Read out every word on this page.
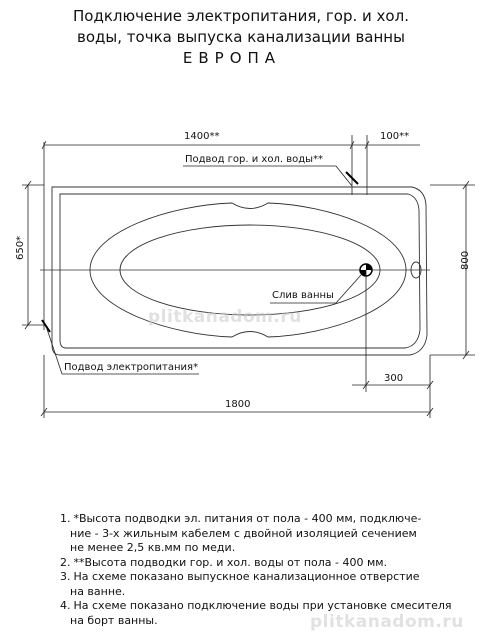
Подключение электропитания, гор. и хол.
воды, точка выпуска канализации ванны
ЕВРОПА
1400**	100**
Подвод гор. и хол. воды**
650*
800
Слив ванны
300
1800
Подвод электропитания*
plitkanadom.ru
plitkanadom.ru
1. *Высота подводки эл. питания от пола - 400 мм, подключе-
ние - 3-х жильным кабелем с двойной изоляцией сечением
не менее 2,5 кв.мм по меди.
2. **Высота подводки гор. и хол. воды от пола - 400 мм.
3. На схеме показано выпускное канализационное отверстие
на ванне.
4. На схеме показано подключение воды при установке смесителя
на борт ванны.
